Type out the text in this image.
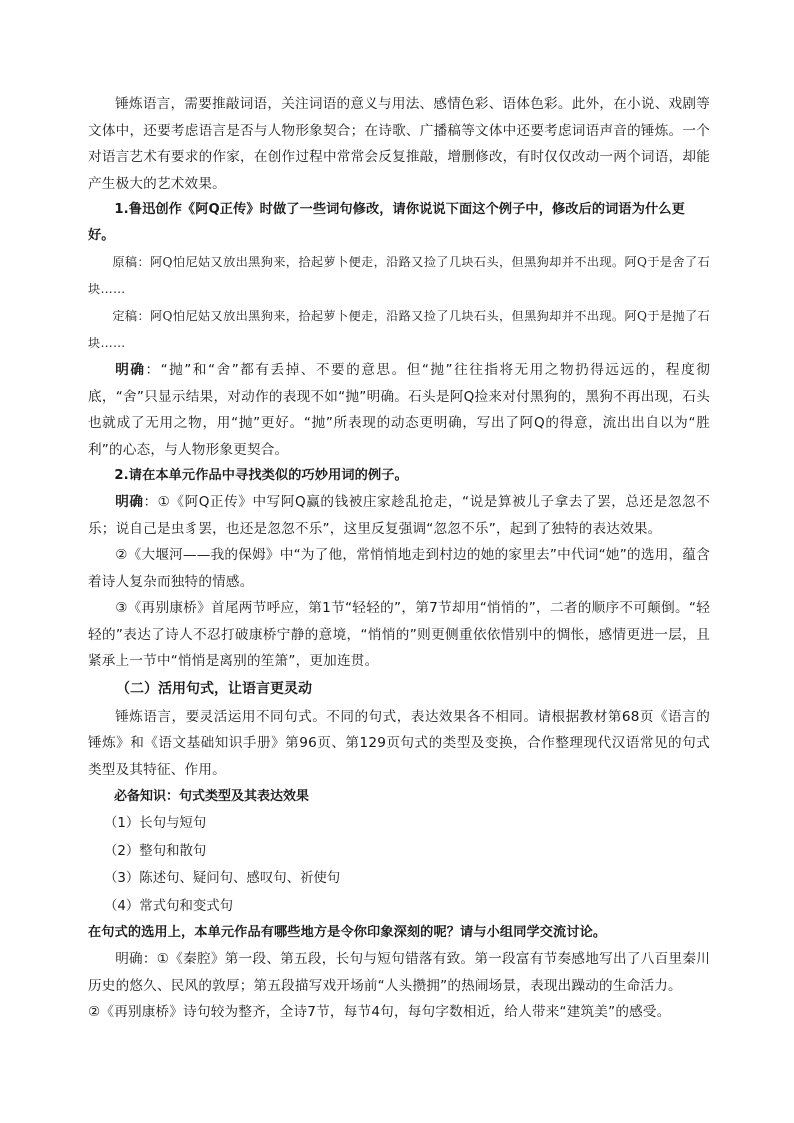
锤炼语言，需要推敲词语，关注词语的意义与用法、感情色彩、语体色彩。此外，在小说、戏剧等文体中，还要考虑语言是否与人物形象契合；在诗歌、广播稿等文体中还要考虑词语声音的锤炼。一个对语言艺术有要求的作家，在创作过程中常常会反复推敲，增删修改，有时仅仅改动一两个词语，却能产生极大的艺术效果。

1.鲁迅创作《阿Q正传》时做了一些词句修改，请你说说下面这个例子中，修改后的词语为什么更好。

原稿：阿Q怕尼姑又放出黑狗来，拾起萝卜便走，沿路又捡了几块石头，但黑狗却并不出现。阿Q于是舍了石块……

定稿：阿Q怕尼姑又放出黑狗来，拾起萝卜便走，沿路又捡了几块石头，但黑狗却并不出现。阿Q于是抛了石块……

明确：“抛”和“舍”都有丢掉、不要的意思。但“抛”往往指将无用之物扔得远远的，程度彻底，“舍”只显示结果，对动作的表现不如“抛”明确。石头是阿Q捡来对付黑狗的，黑狗不再出现，石头也就成了无用之物，用“抛”更好。“抛”所表现的动态更明确，写出了阿Q的得意，流出出自以为“胜利”的心态，与人物形象更契合。

2.请在本单元作品中寻找类似的巧妙用词的例子。

明确：①《阿Q正传》中写阿Q赢的钱被庄家趁乱抢走，“说是算被儿子拿去了罢，总还是忽忽不乐；说自己是虫豸罢，也还是忽忽不乐”，这里反复强调“忽忽不乐”，起到了独特的表达效果。

②《大堰河——我的保姆》中“为了他，常悄悄地走到村边的她的家里去”中代词“她”的选用，蕴含着诗人复杂而独特的情感。

③《再别康桥》首尾两节呼应，第1节“轻轻的”，第7节却用“悄悄的”，二者的顺序不可颠倒。“轻轻的”表达了诗人不忍打破康桥宁静的意境，“悄悄的”则更侧重依依惜别中的惆怅，感情更进一层，且紧承上一节中“悄悄是离别的笙箫”，更加连贯。

（二）活用句式，让语言更灵动

锤炼语言，要灵活运用不同句式。不同的句式，表达效果各不相同。请根据教材第68页《语言的锤炼》和《语文基础知识手册》第96页、第129页句式的类型及变换，合作整理现代汉语常见的句式类型及其特征、作用。

必备知识：句式类型及其表达效果

（1）长句与短句

（2）整句和散句

（3）陈述句、疑问句、感叹句、祈使句

（4）常式句和变式句

在句式的选用上，本单元作品有哪些地方是令你印象深刻的呢？请与小组同学交流讨论。

明确：①《秦腔》第一段、第五段，长句与短句错落有致。第一段富有节奏感地写出了八百里秦川历史的悠久、民风的敦厚；第五段描写戏开场前“人头攒拥”的热闹场景，表现出躁动的生命活力。

②《再别康桥》诗句较为整齐，全诗7节，每节4句，每句字数相近，给人带来“建筑美”的感受。
